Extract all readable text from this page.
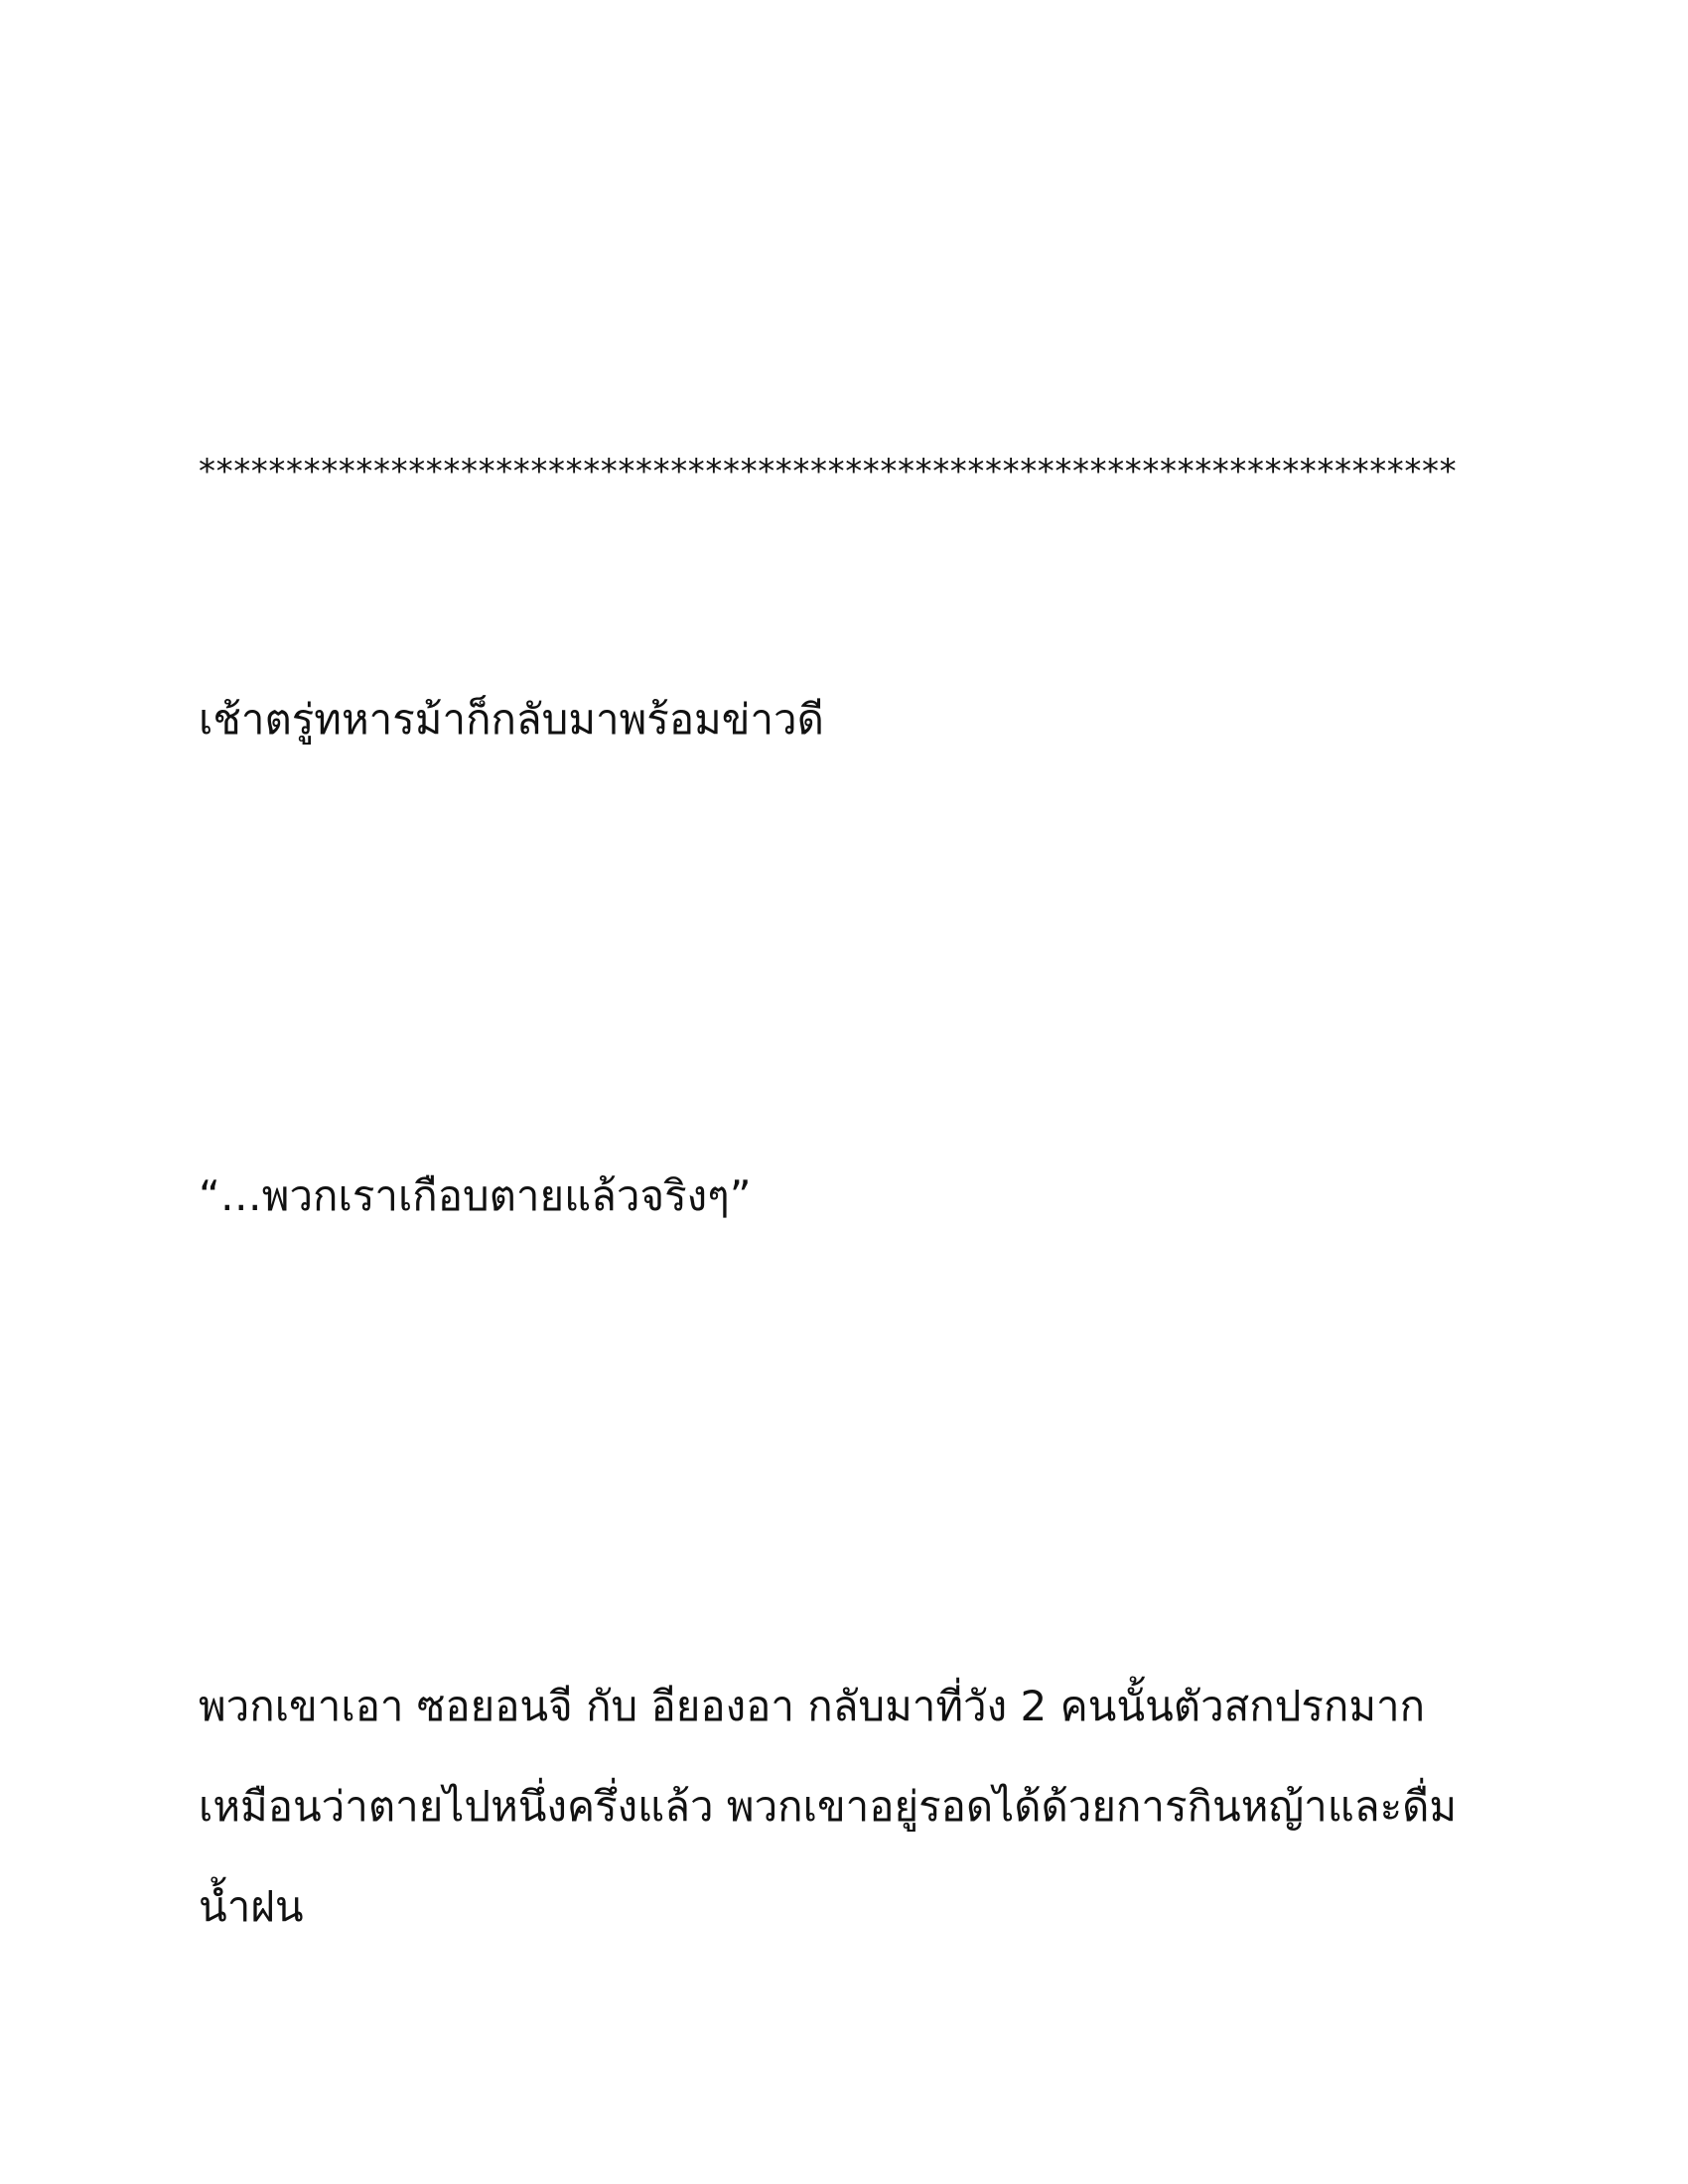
************************************************************************

เช้าตรู่ทหารม้าก็กลับมาพร้อมข่าวดี

“…พวกเราเกือบตายแล้วจริงๆ”

พวกเขาเอา ซอยอนจี กับ อียองอา กลับมาที่วัง 2 คนนั้นตัวสกปรกมาก
เหมือนว่าตายไปหนึ่งครึ่งแล้ว พวกเขาอยู่รอดได้ด้วยการกินหญ้าและดื่ม
น้ำฝน
